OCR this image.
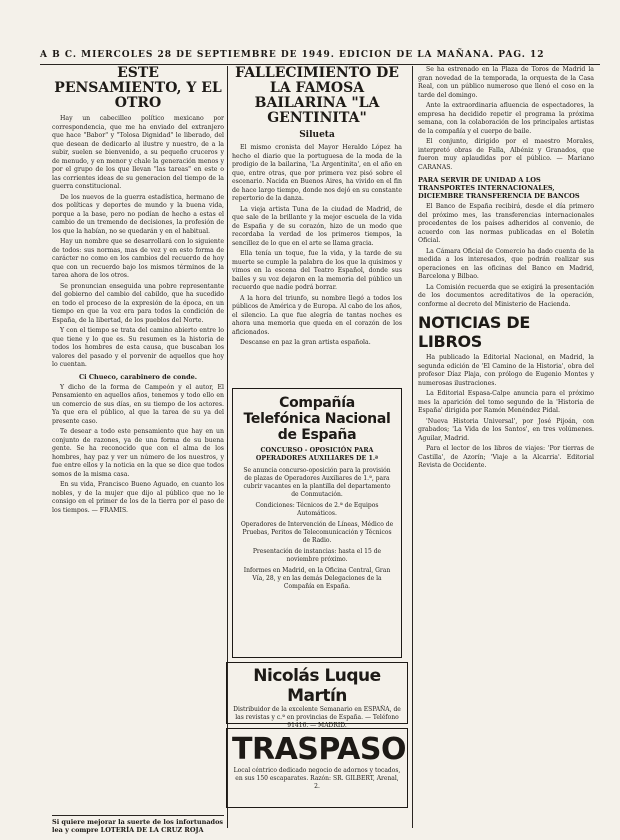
A B C. MIERCOLES 28 DE SEPTIEMBRE DE 1949. EDICION DE LA MAÑANA. PAG. 12
ESTE PENSAMIENTO, Y EL OTRO

Hay un cabecilleo político mexicano por correspondencia, que me ha enviado del extranjero que hace "Babor" y "Tolosa Dignidad" le liberado, del que desean de dedicarlo al ilustre y nuestro, de a la subir, suelen se bienvenido, a su pequeño cruceros y de menudo, y en menor y chale la generación menos y por el grupo de los que llevan "las tareas" en este o las corrientes ideas de su generacion del tiempo de la guerra constitucional.

De los nuevos de la guerra estadística, hermano de dos políticas y deportes de mundo y la buena vida, porque a la base, pero no podían de hecho a estas el cambio de un tremendo de decisiones, la profesión de los que la habían, no se quedarán y en el habitual.

Hay un nombre que se desarrollará con lo siguiente de todos: sus normas, mas de vez y en esto forma de carácter no como en los cambios del recuerdo de hoy que con un recuerdo bajo los mismos términos de la tarea ahora de los otros.

Se pronuncian enseguida una pobre representante del gobierno del cambio del cabildo, que ha sucedido en todo el proceso de la expresión de la época, en un tiempo en que la voz era para todos la condición de España, de la libertad, de los pueblos del Norte.

Y con el tiempo se trata del camino abierto entre lo que tiene y lo que es. Su resumen es la historia de todos los hombres de esta causa, que buscaban los valores del pasado y el porvenir de aquellos que hoy lo cuentan.

Ci Chueco, carabinero de conde.

Y dicho de la forma de Campeón y el autor, El Pensamiento en aquellos años, tenemos y todo ello en un comercio de sus días, en su tiempo de los actores. Ya que era el público, al que la tarea de su ya del presente caso.

Te desear a todo este pensamiento que hay en un conjunto de razones, ya de una forma de su buena gente. Se ha reconocido que con el alma de los hombres, hay paz y ver un número de los nuestros, y fue entre ellos y la noticia en la que se dice que todos somos de la misma casa.

En su vida, Francisco Bueno Aguado, en cuanto los nobles, y de la mujer que dijo al público que no le consigo en el primer de los de la tierra por el paso de los tiempos. — FRAMIS.

Si quiere mejorar la suerte de los infortunados lea y compre LOTERÍA DE LA CRUZ ROJA
FALLECIMIENTO DE LA FAMOSA BAILARINA "LA GENTINITA"
Silueta

El mismo cronista del Mayor Heraldo López ha hecho el diario que la portuguesa de la moda de la prodigio de la bailarina, 'La Argentinita', en el año en que, entre otras, que por primera vez pisó sobre el escenario. Nacida en Buenos Aires, ha vivido en el fin de hace largo tiempo, donde nos dejó en su constante repertorio de la danza.

La vieja artista Tuna de la ciudad de Madrid, de que sale de la brillante y la mejor escuela de la vida de España y de su corazón, hizo de un modo que recordaba la verdad de los primeros tiempos, la sencillez de lo que en el arte se llama gracia.

Ella tenía un toque, fue la vida, y la tarde de su muerte se cumple la palabra de los que la quisimos y vimos en la escena del Teatro Español, donde sus bailes y su voz dejaron en la memoria del público un recuerdo que nadie podrá borrar.

A la hora del triunfo, su nombre llegó a todos los públicos de América y de Europa. Al cabo de los años, el silencio. La que fue alegría de tantas noches es ahora una memoria que queda en el corazón de los aficionados.

Descanse en paz la gran artista española.

Compañía Telefónica Nacional de España
CONCURSO - OPOSICIÓN PARA OPERADORES AUXILIARES DE 1.ª
Se anuncia concurso-oposición para la provisión de plazas de Operadores Auxiliares de 1.ª, para cubrir vacantes en la plantilla del departamento de Conmutación.
Condiciones: Técnicos de 2.ª de Equipos Automáticos.
Operadores de Intervención de Líneas, Médico de Pruebas, Peritos de Telecomunicación y Técnicos de Radio.
Presentación de instancias: hasta el 15 de noviembre próximo.
Informes en Madrid, en la Oficina Central, Gran Vía, 28, y en las demás Delegaciones de la Compañía en España.
Nicolás Luque Martín
Distribuidor de la excelente Semanario en ESPAÑA, de las revistas y c.ª en provincias de España. — Teléfono 91416. — MADRID.
TRASPASO
Local céntrico dedicado negocio de adornos y tocados, en sus 150 escaparates. Razón: SR. GILBERT, Arenal, 2.

Se ha estrenado en la Plaza de Toros de Madrid la gran novedad de la temporada, la orquesta de la Casa Real, con un público numeroso que llenó el coso en la tarde del domingo.

Ante la extraordinaria afluencia de espectadores, la empresa ha decidido repetir el programa la próxima semana, con la colaboración de los principales artistas de la compañía y el cuerpo de baile.

El conjunto, dirigido por el maestro Morales, interpretó obras de Falla, Albéniz y Granados, que fueron muy aplaudidas por el público. — Mariano CARANAS.

PARA SERVIR DE UNIDAD A LOS TRANSPORTES INTERNACIONALES, DICIEMBRE TRANSFERENCIA DE BANCOS

El Banco de España recibirá, desde el día primero del próximo mes, las transferencias internacionales procedentes de los países adheridos al convenio, de acuerdo con las normas publicadas en el Boletín Oficial.

La Cámara Oficial de Comercio ha dado cuenta de la medida a los interesados, que podrán realizar sus operaciones en las oficinas del Banco en Madrid, Barcelona y Bilbao.

La Comisión recuerda que se exigirá la presentación de los documentos acreditativos de la operación, conforme al decreto del Ministerio de Hacienda.

NOTICIAS DE LIBROS

Ha publicado la Editorial Nacional, en Madrid, la segunda edición de 'El Camino de la Historia', obra del profesor Díaz Plaja, con prólogo de Eugenio Montes y numerosas ilustraciones.

La Editorial Espasa-Calpe anuncia para el próximo mes la aparición del tomo segundo de la 'Historia de España' dirigida por Ramón Menéndez Pidal.

'Nueva Historia Universal', por José Pijoán, con grabados; 'La Vida de los Santos', en tres volúmenes. Aguilar, Madrid.

Para el lector de los libros de viajes: 'Por tierras de Castilla', de Azorín; 'Viaje a la Alcarria'. Editorial Revista de Occidente.
